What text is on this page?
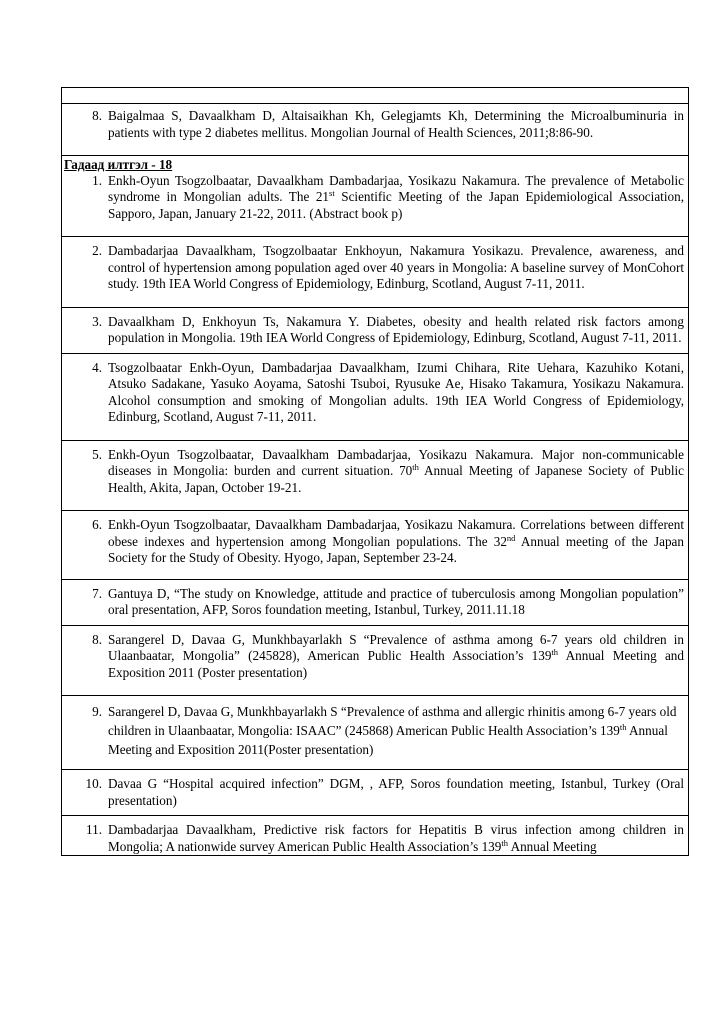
8. Baigalmaa S, Davaalkham D, Altaisaikhan Kh, Gelegjamts Kh, Determining the Microalbuminuria in patients with type 2 diabetes mellitus. Mongolian Journal of Health Sciences, 2011;8:86-90.
Гадаад илтгэл - 18
1. Enkh-Oyun Tsogzolbaatar, Davaalkham Dambadarjaa, Yosikazu Nakamura. The prevalence of Metabolic syndrome in Mongolian adults. The 21st Scientific Meeting of the Japan Epidemiological Association, Sapporo, Japan, January 21-22, 2011. (Abstract book p)
2. Dambadarjaa Davaalkham, Tsogzolbaatar Enkhoyun, Nakamura Yosikazu. Prevalence, awareness, and control of hypertension among population aged over 40 years in Mongolia: A baseline survey of MonCohort study. 19th IEA World Congress of Epidemiology, Edinburg, Scotland, August 7-11, 2011.
3. Davaalkham D, Enkhoyun Ts, Nakamura Y. Diabetes, obesity and health related risk factors among population in Mongolia. 19th IEA World Congress of Epidemiology, Edinburg, Scotland, August 7-11, 2011.
4. Tsogzolbaatar Enkh-Oyun, Dambadarjaa Davaalkham, Izumi Chihara, Rite Uehara, Kazuhiko Kotani, Atsuko Sadakane, Yasuko Aoyama, Satoshi Tsuboi, Ryusuke Ae, Hisako Takamura, Yosikazu Nakamura. Alcohol consumption and smoking of Mongolian adults. 19th IEA World Congress of Epidemiology, Edinburg, Scotland, August 7-11, 2011.
5. Enkh-Oyun Tsogzolbaatar, Davaalkham Dambadarjaa, Yosikazu Nakamura. Major non-communicable diseases in Mongolia: burden and current situation. 70th Annual Meeting of Japanese Society of Public Health, Akita, Japan, October 19-21.
6. Enkh-Oyun Tsogzolbaatar, Davaalkham Dambadarjaa, Yosikazu Nakamura. Correlations between different obese indexes and hypertension among Mongolian populations. The 32nd Annual meeting of the Japan Society for the Study of Obesity. Hyogo, Japan, September 23-24.
7. Gantuya D, “The study on Knowledge, attitude and practice of tuberculosis among Mongolian population” oral presentation, AFP, Soros foundation meeting, Istanbul, Turkey, 2011.11.18
8. Sarangerel D, Davaa G, Munkhbayarlakh S “Prevalence of asthma among 6-7 years old children in Ulaanbaatar, Mongolia” (245828), American Public Health Association’s 139th Annual Meeting and Exposition 2011 (Poster presentation)
9. Sarangerel D, Davaa G, Munkhbayarlakh S “Prevalence of asthma and allergic rhinitis among 6-7 years old children in Ulaanbaatar, Mongolia: ISAAC” (245868) American Public Health Association’s 139th Annual Meeting and Exposition 2011(Poster presentation)
10. Davaa G “Hospital acquired infection” DGM, , AFP, Soros foundation meeting, Istanbul, Turkey (Oral presentation)
11. Dambadarjaa Davaalkham, Predictive risk factors for Hepatitis B virus infection among children in Mongolia; A nationwide survey American Public Health Association’s 139th Annual Meeting
